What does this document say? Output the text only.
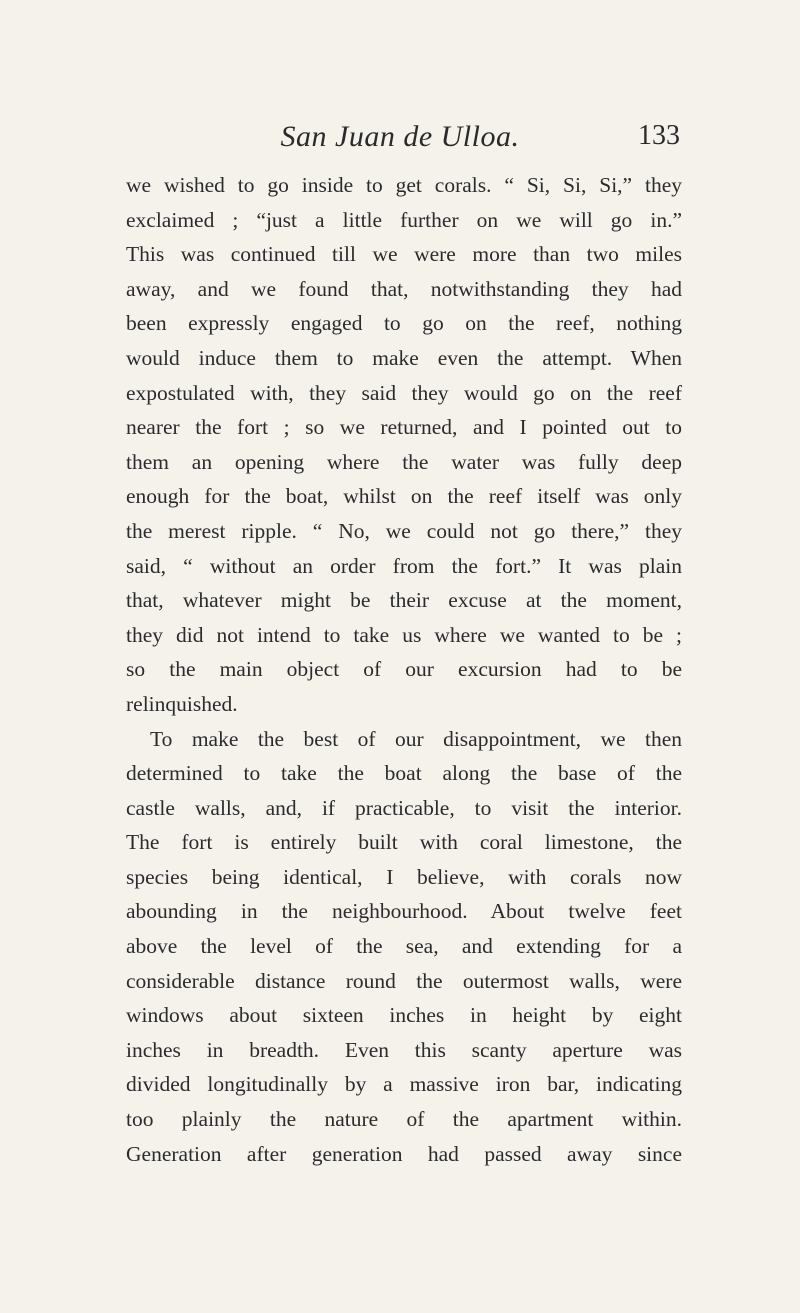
San Juan de Ulloa.	133
we wished to go inside to get corals. “ Si, Si, Si,” they
exclaimed ; “just a little further on we will go in.”
This was continued till we were more than two miles
away, and we found that, notwithstanding they had
been expressly engaged to go on the reef, nothing
would induce them to make even the attempt. When
expostulated with, they said they would go on the reef
nearer the fort ; so we returned, and I pointed out to
them an opening where the water was fully deep
enough for the boat, whilst on the reef itself was only
the merest ripple. “ No, we could not go there,” they
said, “ without an order from the fort.” It was plain
that, whatever might be their excuse at the moment,
they did not intend to take us where we wanted to be ;
so the main object of our excursion had to be
relinquished.
To make the best of our disappointment, we then
determined to take the boat along the base of the
castle walls, and, if practicable, to visit the interior.
The fort is entirely built with coral limestone, the
species being identical, I believe, with corals now
abounding in the neighbourhood. About twelve feet
above the level of the sea, and extending for a
considerable distance round the outermost walls, were
windows about sixteen inches in height by eight
inches in breadth. Even this scanty aperture was
divided longitudinally by a massive iron bar, indicating
too plainly the nature of the apartment within.
Generation after generation had passed away since
